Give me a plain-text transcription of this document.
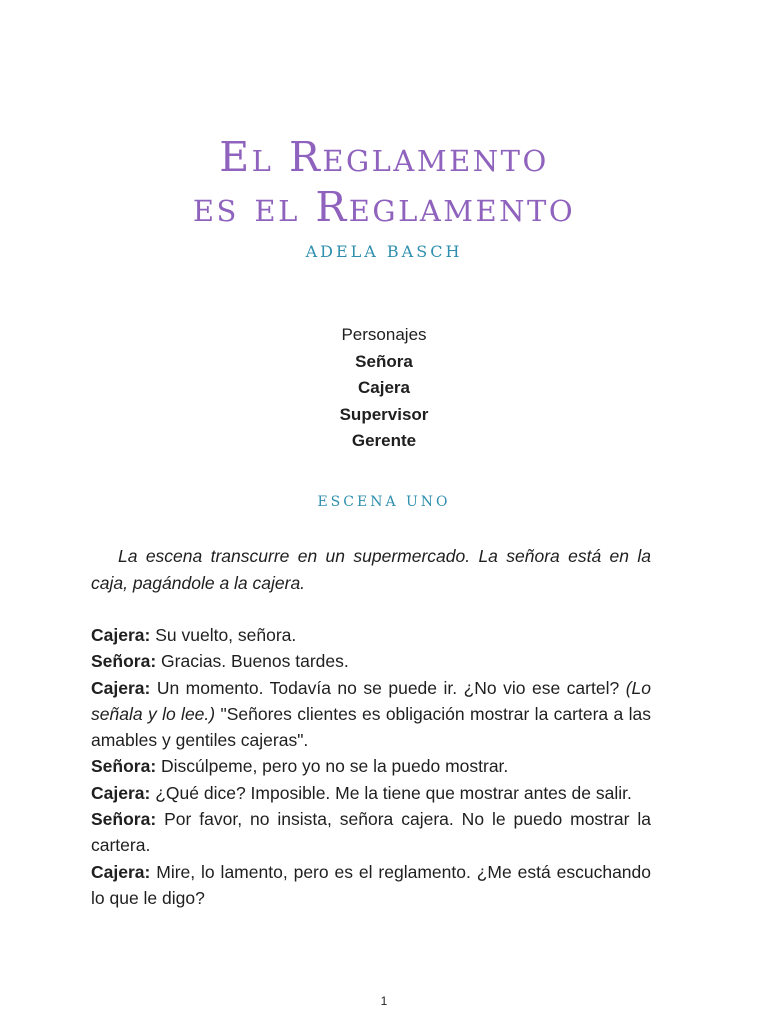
El Reglamento
es el Reglamento
ADELA BASCH
Personajes
Señora
Cajera
Supervisor
Gerente
ESCENA UNO

La escena transcurre en un supermercado. La señora está en la caja, pagándole a la cajera.

Cajera: Su vuelto, señora.

Señora: Gracias. Buenos tardes.

Cajera: Un momento. Todavía no se puede ir. ¿No vio ese cartel? (Lo señala y lo lee.) "Señores clientes es obligación mostrar la cartera a las amables y gentiles cajeras".

Señora: Discúlpeme, pero yo no se la puedo mostrar.

Cajera: ¿Qué dice? Imposible. Me la tiene que mostrar antes de salir.

Señora: Por favor, no insista, señora cajera. No le puedo mostrar la cartera.

Cajera: Mire, lo lamento, pero es el reglamento. ¿Me está escuchando lo que le digo?

1
